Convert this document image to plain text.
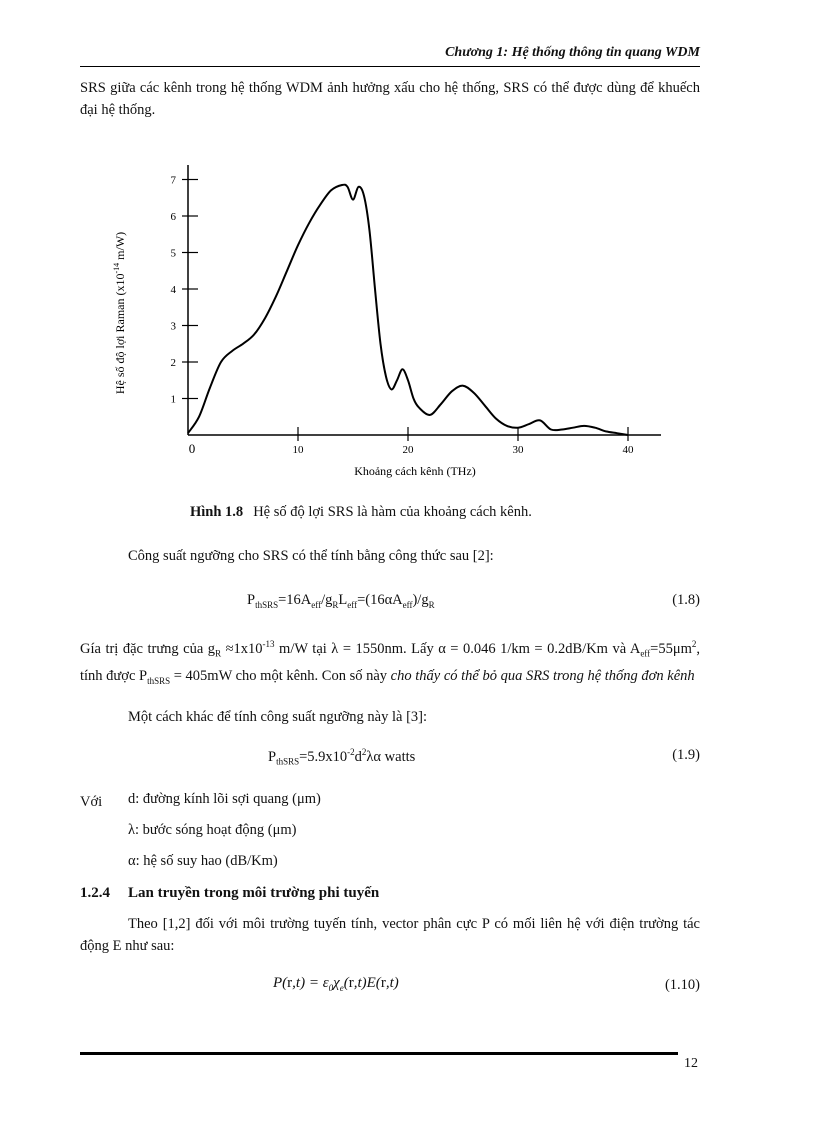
Chương 1: Hệ thống thông tin quang WDM
SRS giữa các kênh trong hệ thống WDM ảnh hưởng xấu cho hệ thống, SRS có thể được dùng để khuếch đại hệ thống.
1
2
3
4
5
6
7
0	10	20	30	40
Hệ số độ lợi Raman ($x10^{-14}$ m/W)
Khoảng cách kênh (THz)
Hình 1.8 Hệ số độ lợi SRS là hàm của khoảng cách kênh.
Công suất ngưỡng cho SRS có thể tính bằng công thức sau [2]:
$P_{thSRS}=16A_{eff}/g_RL_{eff}=(16\alpha A_{eff})/g_R$	(1.8)
Gía trị đặc trưng của $g_R \approx 1x10^{-13}$ m/W tại λ = 1550nm. Lấy α = 0.046 1/km = 0.2dB/Km và $A_{eff}=55\mu m^2$, tính được $P_{thSRS} = 405mW$ cho một kênh. Con số này cho thấy có thể bỏ qua SRS trong hệ thống đơn kênh
Một cách khác để tính công suất ngưỡng này là [3]:
$P_{thSRS}=5.9x10^{-2}d^2\lambda\alpha$ watts	(1.9)
Với	d: đường kính lõi sợi quang (μm)
λ: bước sóng hoạt động (μm)
α: hệ số suy hao (dB/Km)
1.2.4 Lan truyền trong môi trường phi tuyến
Theo [1,2] đối với môi trường tuyến tính, vector phân cực P có mối liên hệ với điện trường tác động E như sau:
$P(r,t) = \varepsilon_0\chi_e(r,t)E(r,t)$	(1.10)
12
